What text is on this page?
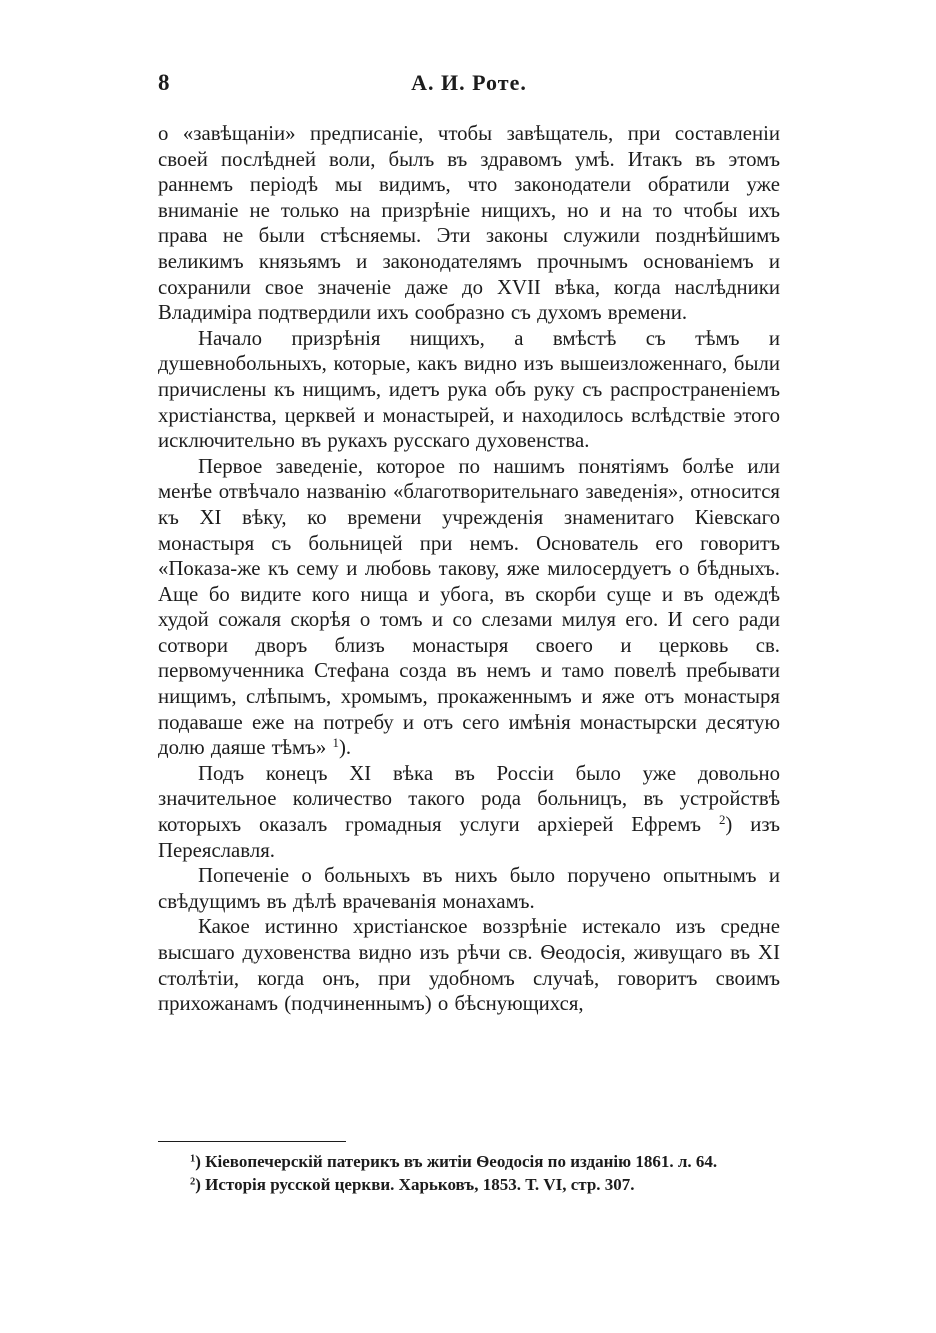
8	А. И. Роте.

о «завѣщаніи» предписаніе, чтобы завѣщатель, при составленіи своей послѣдней воли, былъ въ здравомъ умѣ. Итакъ въ этомъ раннемъ періодѣ мы видимъ, что законодатели обратили уже вниманіе не только на призрѣніе нищихъ, но и на то чтобы ихъ права не были стѣсняемы. Эти законы служили позднѣйшимъ великимъ князьямъ и законодателямъ прочнымъ основаніемъ и сохранили свое значеніе даже до XVII вѣка, когда наслѣдники Владиміра подтвердили ихъ сообразно съ духомъ времени.

Начало призрѣнія нищихъ, а вмѣстѣ съ тѣмъ и душевнобольныхъ, которые, какъ видно изъ вышеизложеннаго, были причислены къ нищимъ, идетъ рука объ руку съ распространеніемъ христіанства, церквей и монастырей, и находилось вслѣдствіе этого исключительно въ рукахъ русскаго духовенства.

Первое заведеніе, которое по нашимъ понятіямъ болѣе или менѣе отвѣчало названію «благотворительнаго заведенія», относится къ XI вѣку, ко времени учрежденія знаменитаго Кіевскаго монастыря съ больницей при немъ. Основатель его говоритъ «Показа-же къ сему и любовь такову, яже милосердуетъ о бѣдныхъ. Аще бо видите кого нища и убога, въ скорби суще и въ одеждѣ худой сожаля скорѣя о томъ и со слезами милуя его. И сего ради сотвори дворъ близъ монастыря своего и церковь св. первомученника Стефана созда въ немъ и тамо повелѣ пребывати нищимъ, слѣпымъ, хромымъ, прокаженнымъ и яже отъ монастыря подаваше еже на потребу и отъ сего имѣнія монастырски десятую долю даяше тѣмъ» $^1$).

Подъ конецъ XI вѣка въ Россіи было уже довольно значительное количество такого рода больницъ, въ устройствѣ которыхъ оказалъ громадныя услуги архіерей Ефремъ $^2$) изъ Переяславля.

Попеченіе о больныхъ въ нихъ было поручено опытнымъ и свѣдущимъ въ дѣлѣ врачеванія монахамъ.

Какое истинно христіанское воззрѣніе истекало изъ средне высшаго духовенства видно изъ рѣчи св. Ѳеодосія, живущаго въ XI столѣтіи, когда онъ, при удобномъ случаѣ, говоритъ своимъ прихожанамъ (подчиненнымъ) о бѣснующихся,

$^1$) Кіевопечерскій патерикъ въ житіи Ѳеодосія по изданію 1861. л. 64.

$^2$) Исторія русской церкви. Харьковъ, 1853. Т. VI, стр. 307.
